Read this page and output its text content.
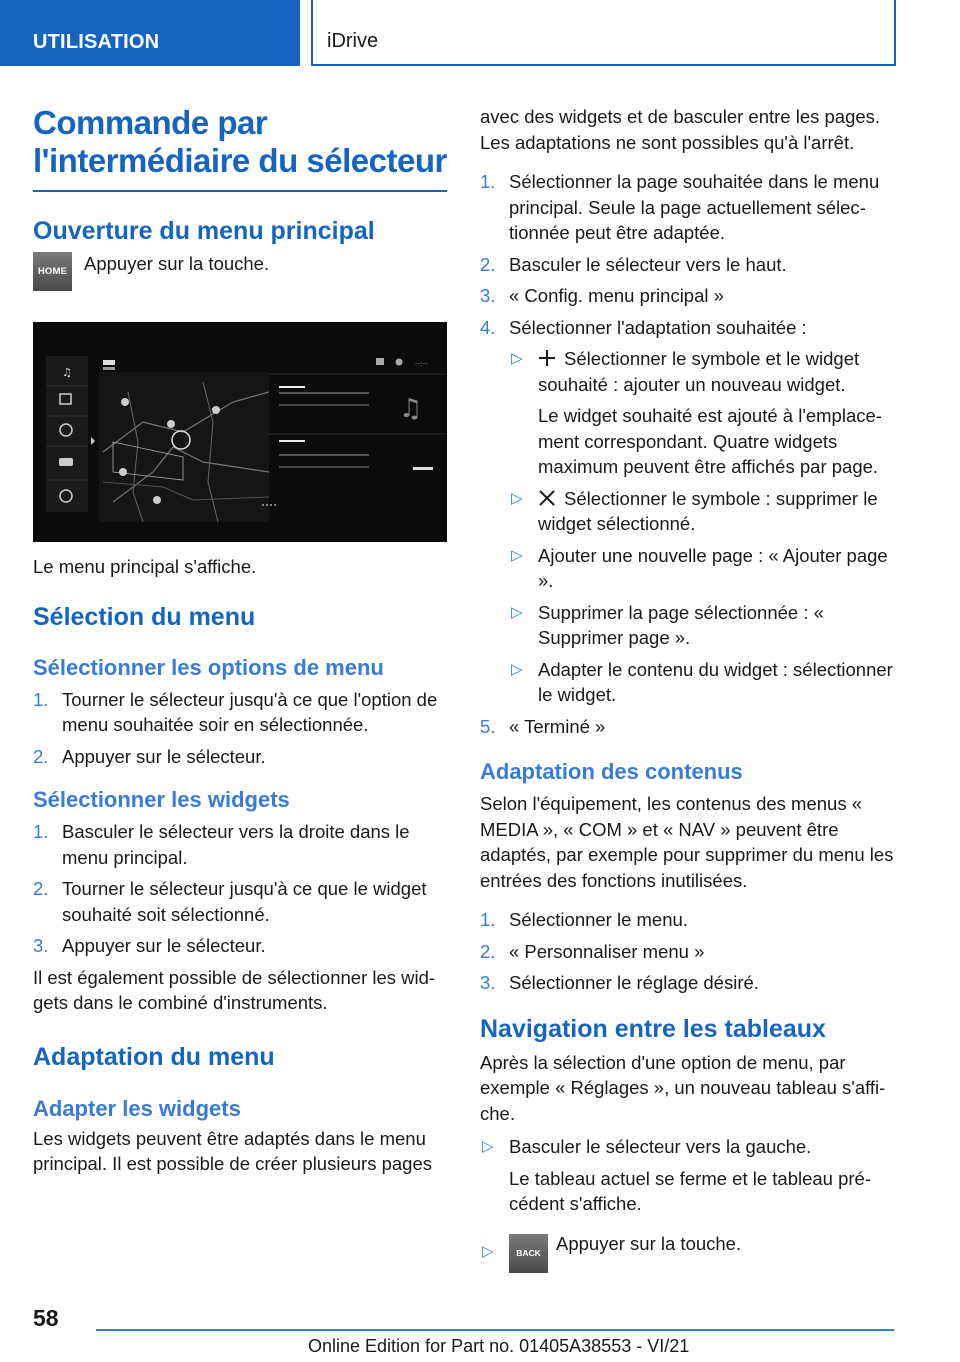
UTILISATION	iDrive
Commande par l'intermédiaire du sélecteur
Ouverture du menu principal
HOME Appuyer sur la touche.

♫
--:--
♫

Le menu principal s'affiche.

Sélection du menu
Sélectionner les options de menu
1. Tourner le sélecteur jusqu'à ce que l'option de menu souhaitée soir en sélectionnée.
2. Appuyer sur le sélecteur.
Sélectionner les widgets
1. Basculer le sélecteur vers la droite dans le menu principal.
2. Tourner le sélecteur jusqu'à ce que le widget souhaité soit sélectionné.
3. Appuyer sur le sélecteur.

Il est également possible de sélectionner les widgets dans le combiné d'instruments.

Adaptation du menu
Adapter les widgets

Les widgets peuvent être adaptés dans le menu principal. Il est possible de créer plusieurs pages

avec des widgets et de basculer entre les pages. Les adaptations ne sont possibles qu'à l'arrêt.

1. Sélectionner la page souhaitée dans le menu principal. Seule la page actuellement sélectionnée peut être adaptée.
2. Basculer le sélecteur vers le haut.
3. « Config. menu principal »
4. Sélectionner l'adaptation souhaitée :
▷ Sélectionner le symbole et le widget souhaité : ajouter un nouveau widget.

Le widget souhaité est ajouté à l'emplacement correspondant. Quatre widgets maximum peuvent être affichés par page.

▷ Sélectionner le symbole : supprimer le widget sélectionné.
▷ Ajouter une nouvelle page : « Ajouter page ».
▷ Supprimer la page sélectionnée : « Supprimer page ».
▷ Adapter le contenu du widget : sélectionner le widget.
5. « Terminé »
Adaptation des contenus

Selon l'équipement, les contenus des menus « MEDIA », « COM » et « NAV » peuvent être adaptés, par exemple pour supprimer du menu les entrées des fonctions inutilisées.

1. Sélectionner le menu.
2. « Personnaliser menu »
3. Sélectionner le réglage désiré.
Navigation entre les tableaux

Après la sélection d'une option de menu, par exemple « Réglages », un nouveau tableau s'affiche.

▷ Basculer le sélecteur vers la gauche.

Le tableau actuel se ferme et le tableau précédent s'affiche.

▷	BACK Appuyer sur la touche.
58
Online Edition for Part no. 01405A38553 - VI/21
